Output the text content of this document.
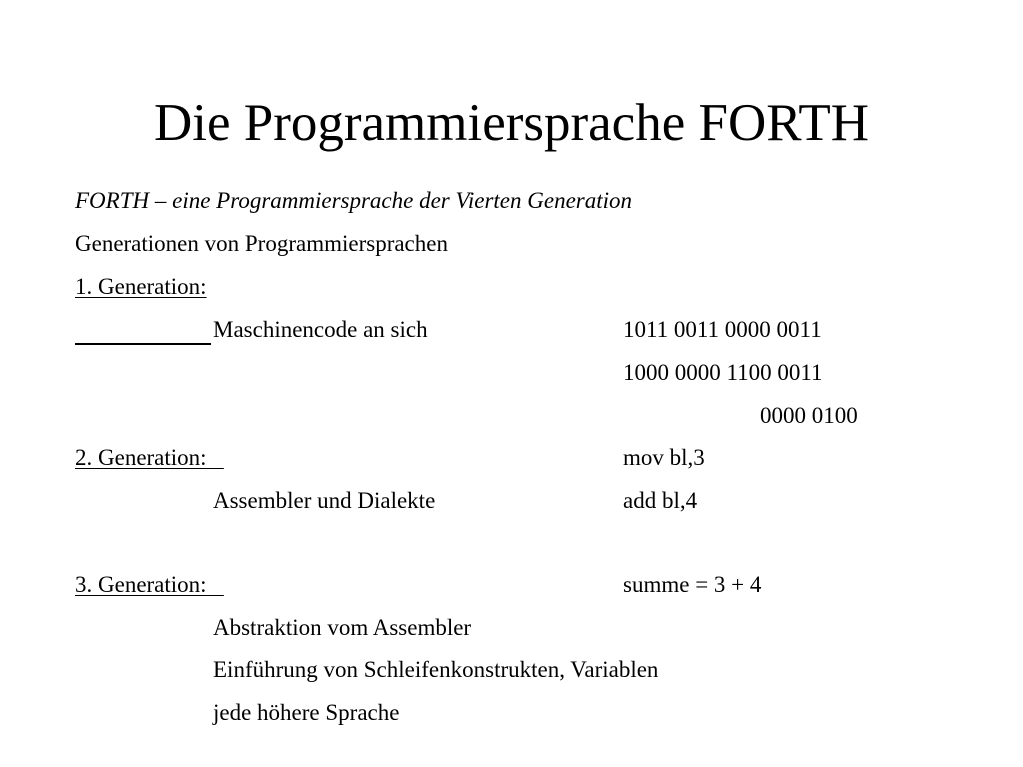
Die Programmiersprache FORTH
FORTH – eine Programmiersprache der Vierten Generation
Generationen von Programmiersprachen
1. Generation:
Maschinencode an sich	1011 0011 0000 0011
1000 0000 1100 0011
0000 0100
2. Generation:	mov bl,3
Assembler und Dialekte	add bl,4
3. Generation:	summe = 3 + 4
Abstraktion vom Assembler
Einführung von Schleifenkonstrukten, Variablen
jede höhere Sprache
